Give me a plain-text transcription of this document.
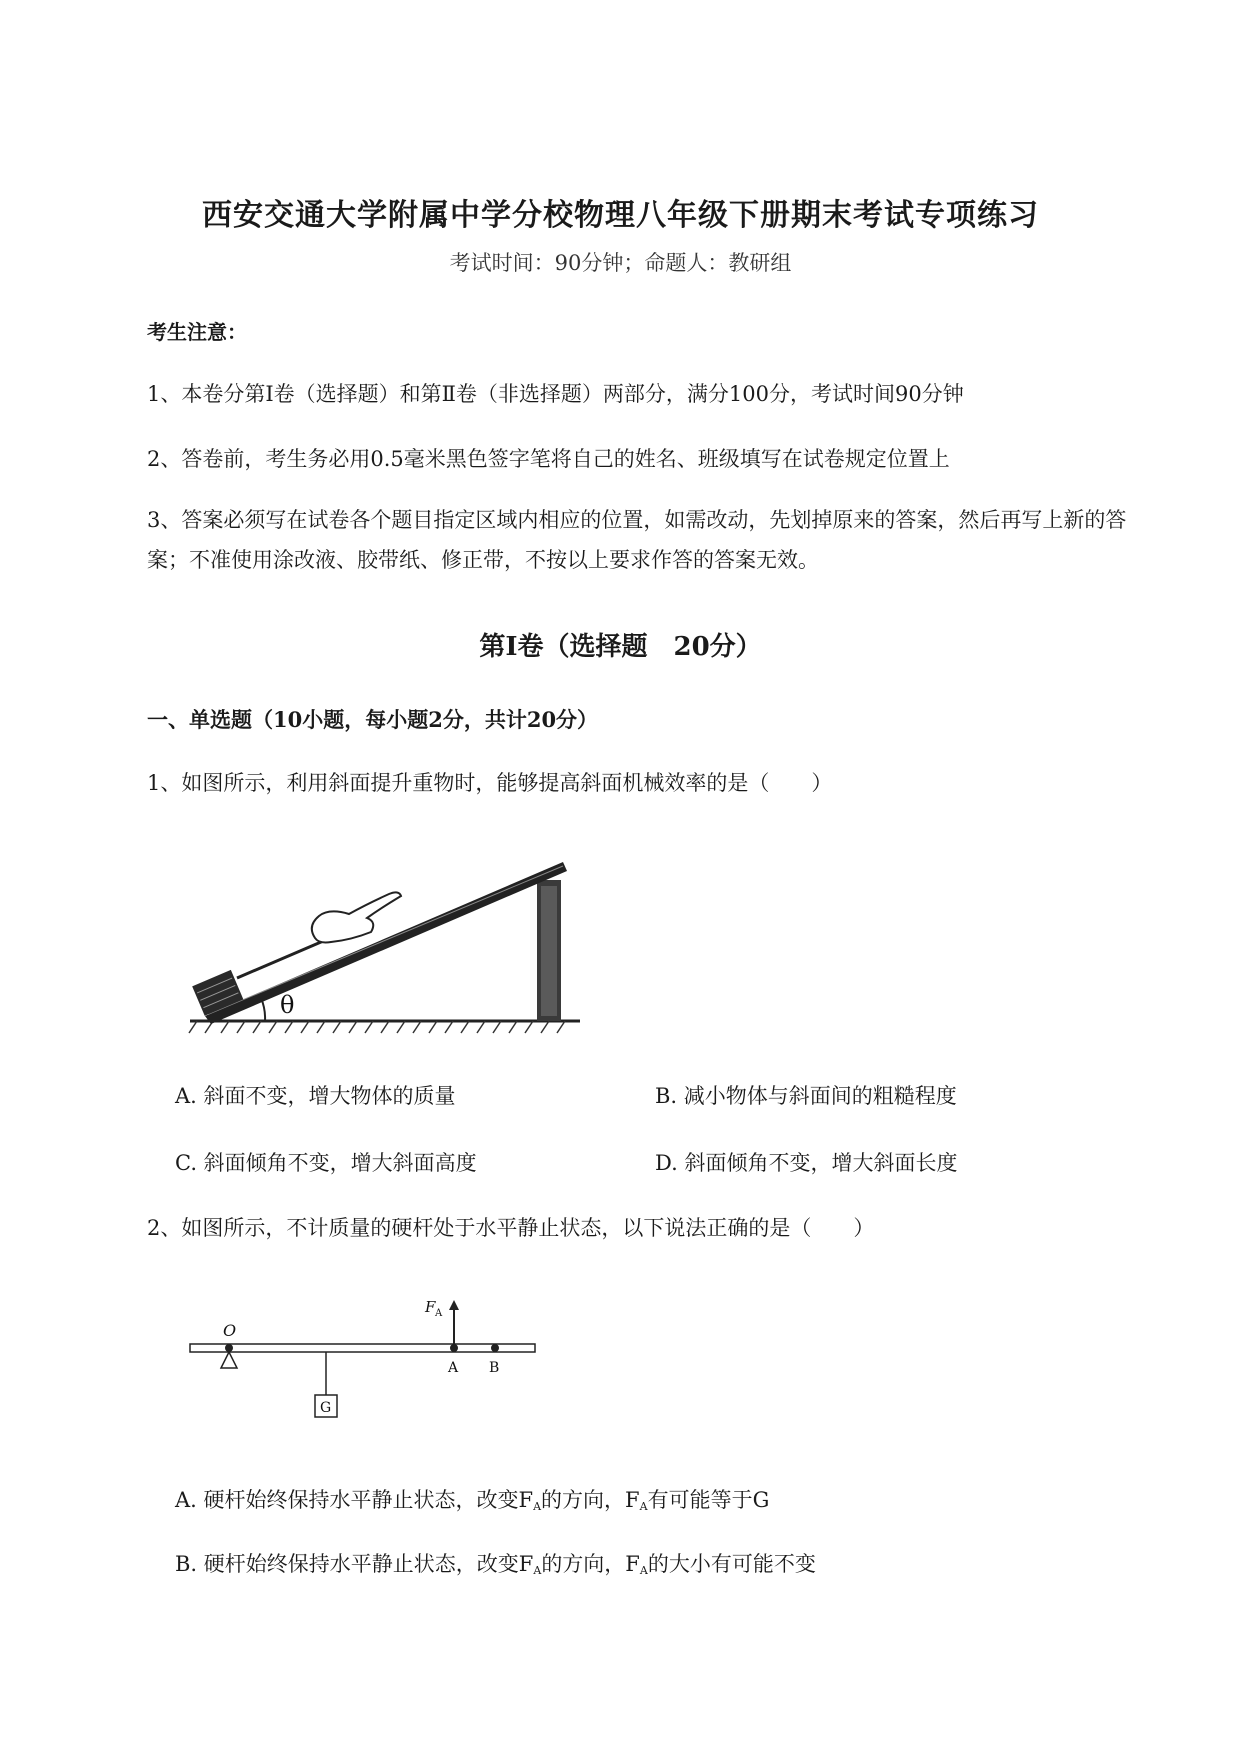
西安交通大学附属中学分校物理八年级下册期末考试专项练习
考试时间：90分钟；命题人：教研组
考生注意：
1、本卷分第I卷（选择题）和第Ⅱ卷（非选择题）两部分，满分100分，考试时间90分钟
2、答卷前，考生务必用0.5毫米黑色签字笔将自己的姓名、班级填写在试卷规定位置上
3、答案必须写在试卷各个题目指定区域内相应的位置，如需改动，先划掉原来的答案，然后再写上新的答案；不准使用涂改液、胶带纸、修正带，不按以上要求作答的答案无效。
第I卷（选择题　20分）
一、单选题（10小题，每小题2分，共计20分）
1、如图所示，利用斜面提升重物时，能够提高斜面机械效率的是（　　）
θ
A. 斜面不变，增大物体的质量	B. 减小物体与斜面间的粗糙程度
C. 斜面倾角不变，增大斜面高度	D. 斜面倾角不变，增大斜面长度
2、如图所示，不计质量的硬杆处于水平静止状态，以下说法正确的是（　　）
O
G
F A
A B
A. 硬杆始终保持水平静止状态，改变$F_A$的方向，$F_A$有可能等于G
B. 硬杆始终保持水平静止状态，改变$F_A$的方向，$F_A$的大小有可能不变
